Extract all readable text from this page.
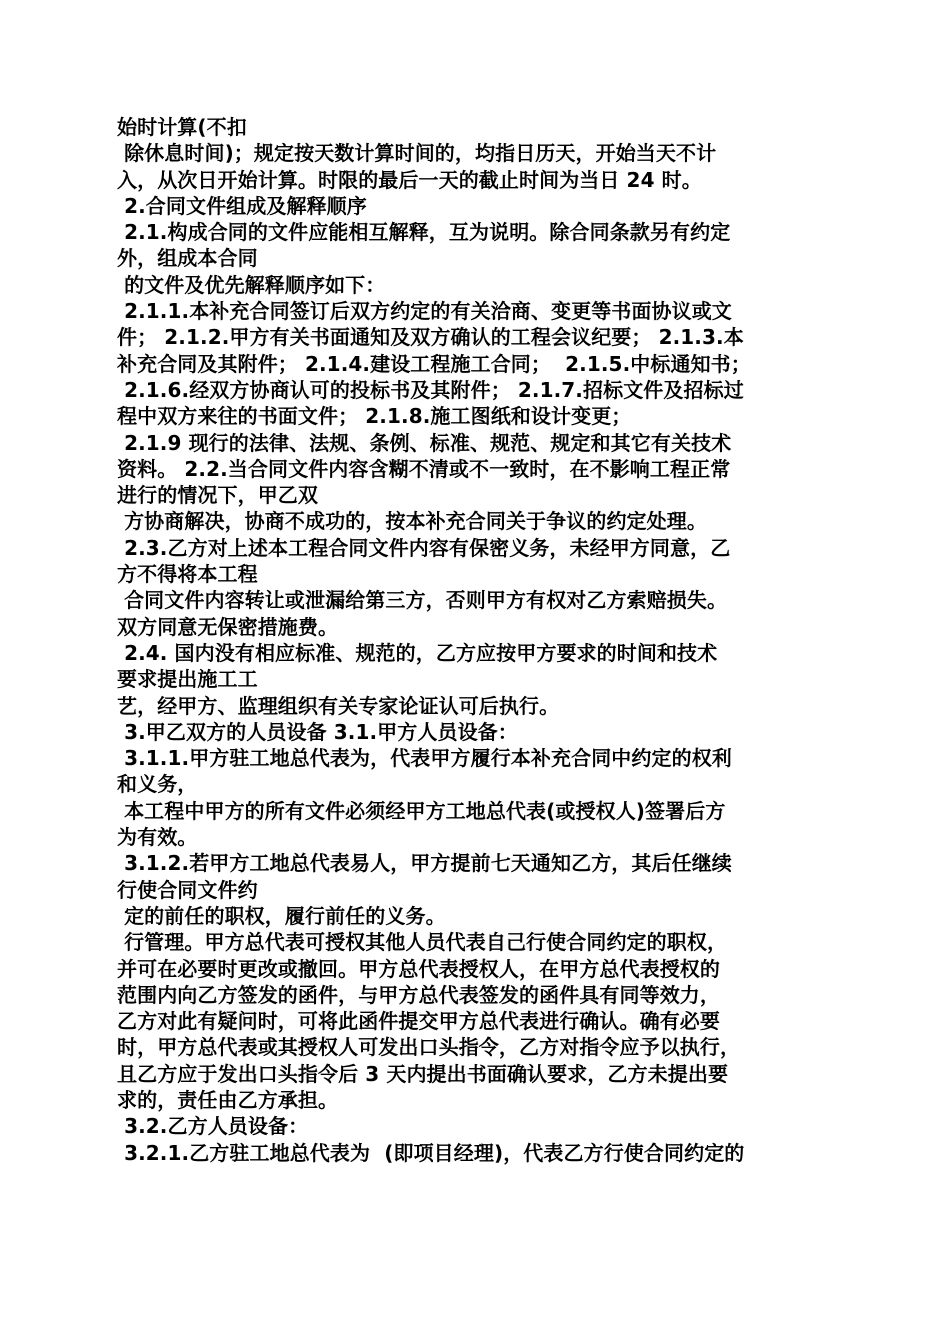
始时计算(不扣
除休息时间)；规定按天数计算时间的，均指日历天，开始当天不计
入，从次日开始计算。时限的最后一天的截止时间为当日 24 时。
2.合同文件组成及解释顺序
2.1.构成合同的文件应能相互解释，互为说明。除合同条款另有约定
外，组成本合同
的文件及优先解释顺序如下：
2.1.1.本补充合同签订后双方约定的有关洽商、变更等书面协议或文
件； 2.1.2.甲方有关书面通知及双方确认的工程会议纪要； 2.1.3.本
补充合同及其附件； 2.1.4.建设工程施工合同；  2.1.5.中标通知书；
2.1.6.经双方协商认可的投标书及其附件； 2.1.7.招标文件及招标过
程中双方来往的书面文件； 2.1.8.施工图纸和设计变更；
2.1.9 现行的法律、法规、条例、标准、规范、规定和其它有关技术
资料。 2.2.当合同文件内容含糊不清或不一致时，在不影响工程正常
进行的情况下，甲乙双
方协商解决，协商不成功的，按本补充合同关于争议的约定处理。
2.3.乙方对上述本工程合同文件内容有保密义务，未经甲方同意，乙
方不得将本工程
合同文件内容转让或泄漏给第三方，否则甲方有权对乙方索赔损失。
双方同意无保密措施费。
2.4. 国内没有相应标准、规范的，乙方应按甲方要求的时间和技术
要求提出施工工
艺，经甲方、监理组织有关专家论证认可后执行。
3.甲乙双方的人员设备 3.1.甲方人员设备：
3.1.1.甲方驻工地总代表为，代表甲方履行本补充合同中约定的权利
和义务，
本工程中甲方的所有文件必须经甲方工地总代表(或授权人)签署后方
为有效。
3.1.2.若甲方工地总代表易人，甲方提前七天通知乙方，其后任继续
行使合同文件约
定的前任的职权，履行前任的义务。
行管理。甲方总代表可授权其他人员代表自己行使合同约定的职权，
并可在必要时更改或撤回。甲方总代表授权人，在甲方总代表授权的
范围内向乙方签发的函件，与甲方总代表签发的函件具有同等效力，
乙方对此有疑问时，可将此函件提交甲方总代表进行确认。确有必要
时，甲方总代表或其授权人可发出口头指令，乙方对指令应予以执行，
且乙方应于发出口头指令后 3 天内提出书面确认要求，乙方未提出要
求的，责任由乙方承担。
3.2.乙方人员设备：
3.2.1.乙方驻工地总代表为  (即项目经理)，代表乙方行使合同约定的
